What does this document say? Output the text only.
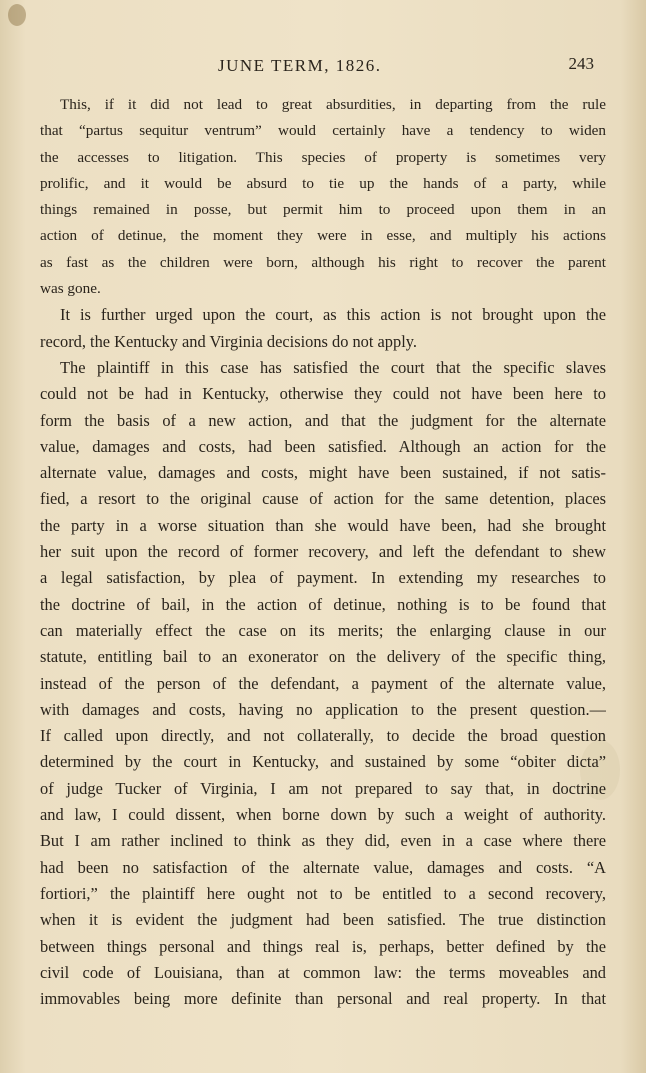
JUNE TERM, 1826.	243
This, if it did not lead to great absurdities, in departing from the rule
that “partus sequitur ventrum” would certainly have a tendency to widen
the accesses to litigation. This species of property is sometimes very
prolific, and it would be absurd to tie up the hands of a party, while
things remained in posse, but permit him to proceed upon them in an
action of detinue, the moment they were in esse, and multiply his actions
as fast as the children were born, although his right to recover the parent
was gone.
It is further urged upon the court, as this action is not brought upon the
record, the Kentucky and Virginia decisions do not apply.
The plaintiff in this case has satisfied the court that the specific slaves
could not be had in Kentucky, otherwise they could not have been here to
form the basis of a new action, and that the judgment for the alternate
value, damages and costs, had been satisfied. Although an action for the
alternate value, damages and costs, might have been sustained, if not satis-
fied, a resort to the original cause of action for the same detention, places
the party in a worse situation than she would have been, had she brought
her suit upon the record of former recovery, and left the defendant to shew
a legal satisfaction, by plea of payment. In extending my researches to
the doctrine of bail, in the action of detinue, nothing is to be found that
can materially effect the case on its merits; the enlarging clause in our
statute, entitling bail to an exonerator on the delivery of the specific thing,
instead of the person of the defendant, a payment of the alternate value,
with damages and costs, having no application to the present question.—
If called upon directly, and not collaterally, to decide the broad question
determined by the court in Kentucky, and sustained by some “obiter dicta”
of judge Tucker of Virginia, I am not prepared to say that, in doctrine
and law, I could dissent, when borne down by such a weight of authority.
But I am rather inclined to think as they did, even in a case where there
had been no satisfaction of the alternate value, damages and costs. “A
fortiori,” the plaintiff here ought not to be entitled to a second recovery,
when it is evident the judgment had been satisfied. The true distinction
between things personal and things real is, perhaps, better defined by the
civil code of Louisiana, than at common law: the terms moveables and
immovables being more definite than personal and real property. In that
